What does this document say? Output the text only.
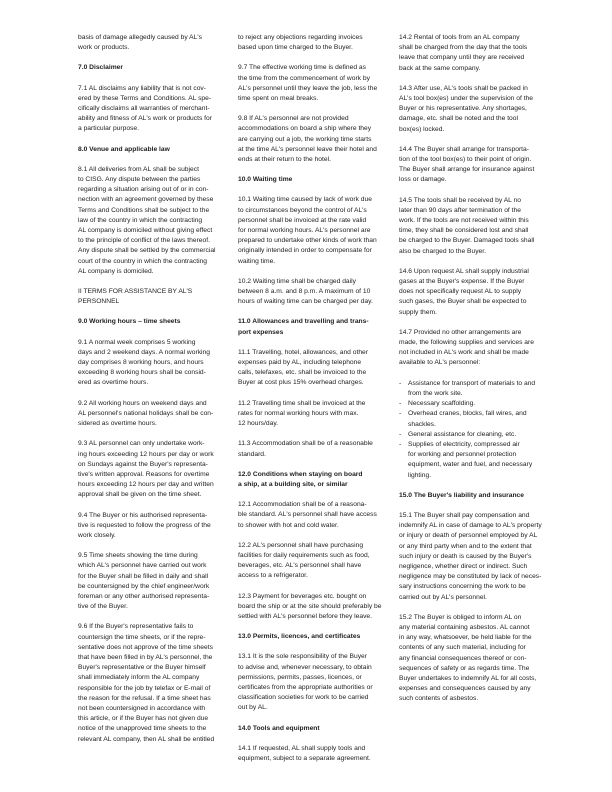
basis of damage allegedly caused by AL's
work or products.
7.0 Disclaimer
7.1 AL disclaims any liability that is not cov-
ered by these Terms and Conditions. AL spe-
cifically disclaims all warranties of merchant-
ability and fitness of AL's work or products for
a particular purpose.
8.0 Venue and applicable law
8.1 All deliveries from AL shall be subject
to CISG. Any dispute between the parties
regarding a situation arising out of or in con-
nection with an agreement governed by these
Terms and Conditions shall be subject to the
law of the country in which the contracting
AL company is domiciled without giving effect
to the principle of conflict of the laws thereof.
Any dispute shall be settled by the commercial
court of the country in which the contracting
AL company is domiciled.
II TERMS FOR ASSISTANCE BY AL'S
PERSONNEL
9.0 Working hours – time sheets
9.1 A normal week comprises 5 working
days and 2 weekend days. A normal working
day comprises 8 working hours, and hours
exceeding 8 working hours shall be consid-
ered as overtime hours.
9.2 All working hours on weekend days and
AL personnel's national holidays shall be con-
sidered as overtime hours.
9.3 AL personnel can only undertake work-
ing hours exceeding 12 hours per day or work
on Sundays against the Buyer's representa-
tive's written approval. Reasons for overtime
hours exceeding 12 hours per day and written
approval shall be given on the time sheet.
9.4 The Buyer or his authorised representa-
tive is requested to follow the progress of the
work closely.
9.5 Time sheets showing the time during
which AL's personnel have carried out work
for the Buyer shall be filled in daily and shall
be countersigned by the chief engineer/work
foreman or any other authorised representa-
tive of the Buyer.
9.6 If the Buyer's representative fails to
countersign the time sheets, or if the repre-
sentative does not approve of the time sheets
that have been filled in by AL's personnel, the
Buyer's representative or the Buyer himself
shall immediately inform the AL company
responsible for the job by telefax or E-mail of
the reason for the refusal. If a time sheet has
not been countersigned in accordance with
this article, or if the Buyer has not given due
notice of the unapproved time sheets to the
relevant AL company, then AL shall be entitled
to reject any objections regarding invoices
based upon time charged to the Buyer.
9.7 The effective working time is defined as
the time from the commencement of work by
AL's personnel until they leave the job, less the
time spent on meal breaks.
9.8 If AL's personnel are not provided
accommodations on board a ship where they
are carrying out a job, the working time starts
at the time AL's personnel leave their hotel and
ends at their return to the hotel.
10.0 Waiting time
10.1 Waiting time caused by lack of work due
to circumstances beyond the control of AL's
personnel shall be invoiced at the rate valid
for normal working hours. AL's personnel are
prepared to undertake other kinds of work than
originally intended in order to compensate for
waiting time.
10.2 Waiting time shall be charged daily
between 8 a.m. and 8 p.m. A maximum of 10
hours of waiting time can be charged per day.
11.0 Allowances and travelling and trans-
port expenses
11.1 Travelling, hotel, allowances, and other
expenses paid by AL, including telephone
calls, telefaxes, etc. shall be invoiced to the
Buyer at cost plus 15% overhead charges.
11.2 Travelling time shall be invoiced at the
rates for normal working hours with max.
12 hours/day.
11.3 Accommodation shall be of a reasonable
standard.
12.0 Conditions when staying on board
a ship, at a building site, or similar
12.1 Accommodation shall be of a reasona-
ble standard. AL's personnel shall have access
to shower with hot and cold water.
12.2 AL's personnel shall have purchasing
facilities for daily requirements such as food,
beverages, etc. AL's personnel shall have
access to a refrigerator.
12.3 Payment for beverages etc. bought on
board the ship or at the site should preferably be
settled with AL's personnel before they leave.
13.0 Permits, licences, and certificates
13.1 It is the sole responsibility of the Buyer
to advise and, whenever necessary, to obtain
permissions, permits, passes, licences, or
certificates from the appropriate authorities or
classification societies for work to be carried
out by AL.
14.0 Tools and equipment
14.1 If requested, AL shall supply tools and
equipment, subject to a separate agreement.
14.2 Rental of tools from an AL company
shall be charged from the day that the tools
leave that company until they are received
back at the same company.
14.3 After use, AL's tools shall be packed in
AL's tool box(es) under the supervision of the
Buyer or his representative. Any shortages,
damage, etc. shall be noted and the tool
box(es) locked.
14.4 The Buyer shall arrange for transporta-
tion of the tool box(es) to their point of origin.
The Buyer shall arrange for insurance against
loss or damage.
14.5 The tools shall be received by AL no
later than 90 days after termination of the
work. If the tools are not received within this
time, they shall be considered lost and shall
be charged to the Buyer. Damaged tools shall
also be charged to the Buyer.
14.6 Upon request AL shall supply industrial
gases at the Buyer's expense. If the Buyer
does not specifically request AL to supply
such gases, the Buyer shall be expected to
supply them.
14.7 Provided no other arrangements are
made, the following supplies and services are
not included in AL's work and shall be made
available to AL's personnel:
- Assistance for transport of materials to and
from the work site.
- Necessary scaffolding.
- Overhead cranes, blocks, fall wires, and
shackles.
- General assistance for cleaning, etc.
- Supplies of electricity, compressed air
for working and personnel protection
equipment, water and fuel, and necessary
lighting.
15.0 The Buyer's liability and insurance
15.1 The Buyer shall pay compensation and
indemnify AL in case of damage to AL's property
or injury or death of personnel employed by AL
or any third party when and to the extent that
such injury or death is caused by the Buyer's
negligence, whether direct or indirect. Such
negligence may be constituted by lack of neces-
sary instructions concerning the work to be
carried out by AL's personnel.
15.2 The Buyer is obliged to inform AL on
any material containing asbestos. AL cannot
in any way, whatsoever, be held liable for the
contents of any such material, including for
any financial consequences thereof or con-
sequences of safety or as regards time. The
Buyer undertakes to indemnify AL for all costs,
expenses and consequences caused by any
such contents of asbestos.
